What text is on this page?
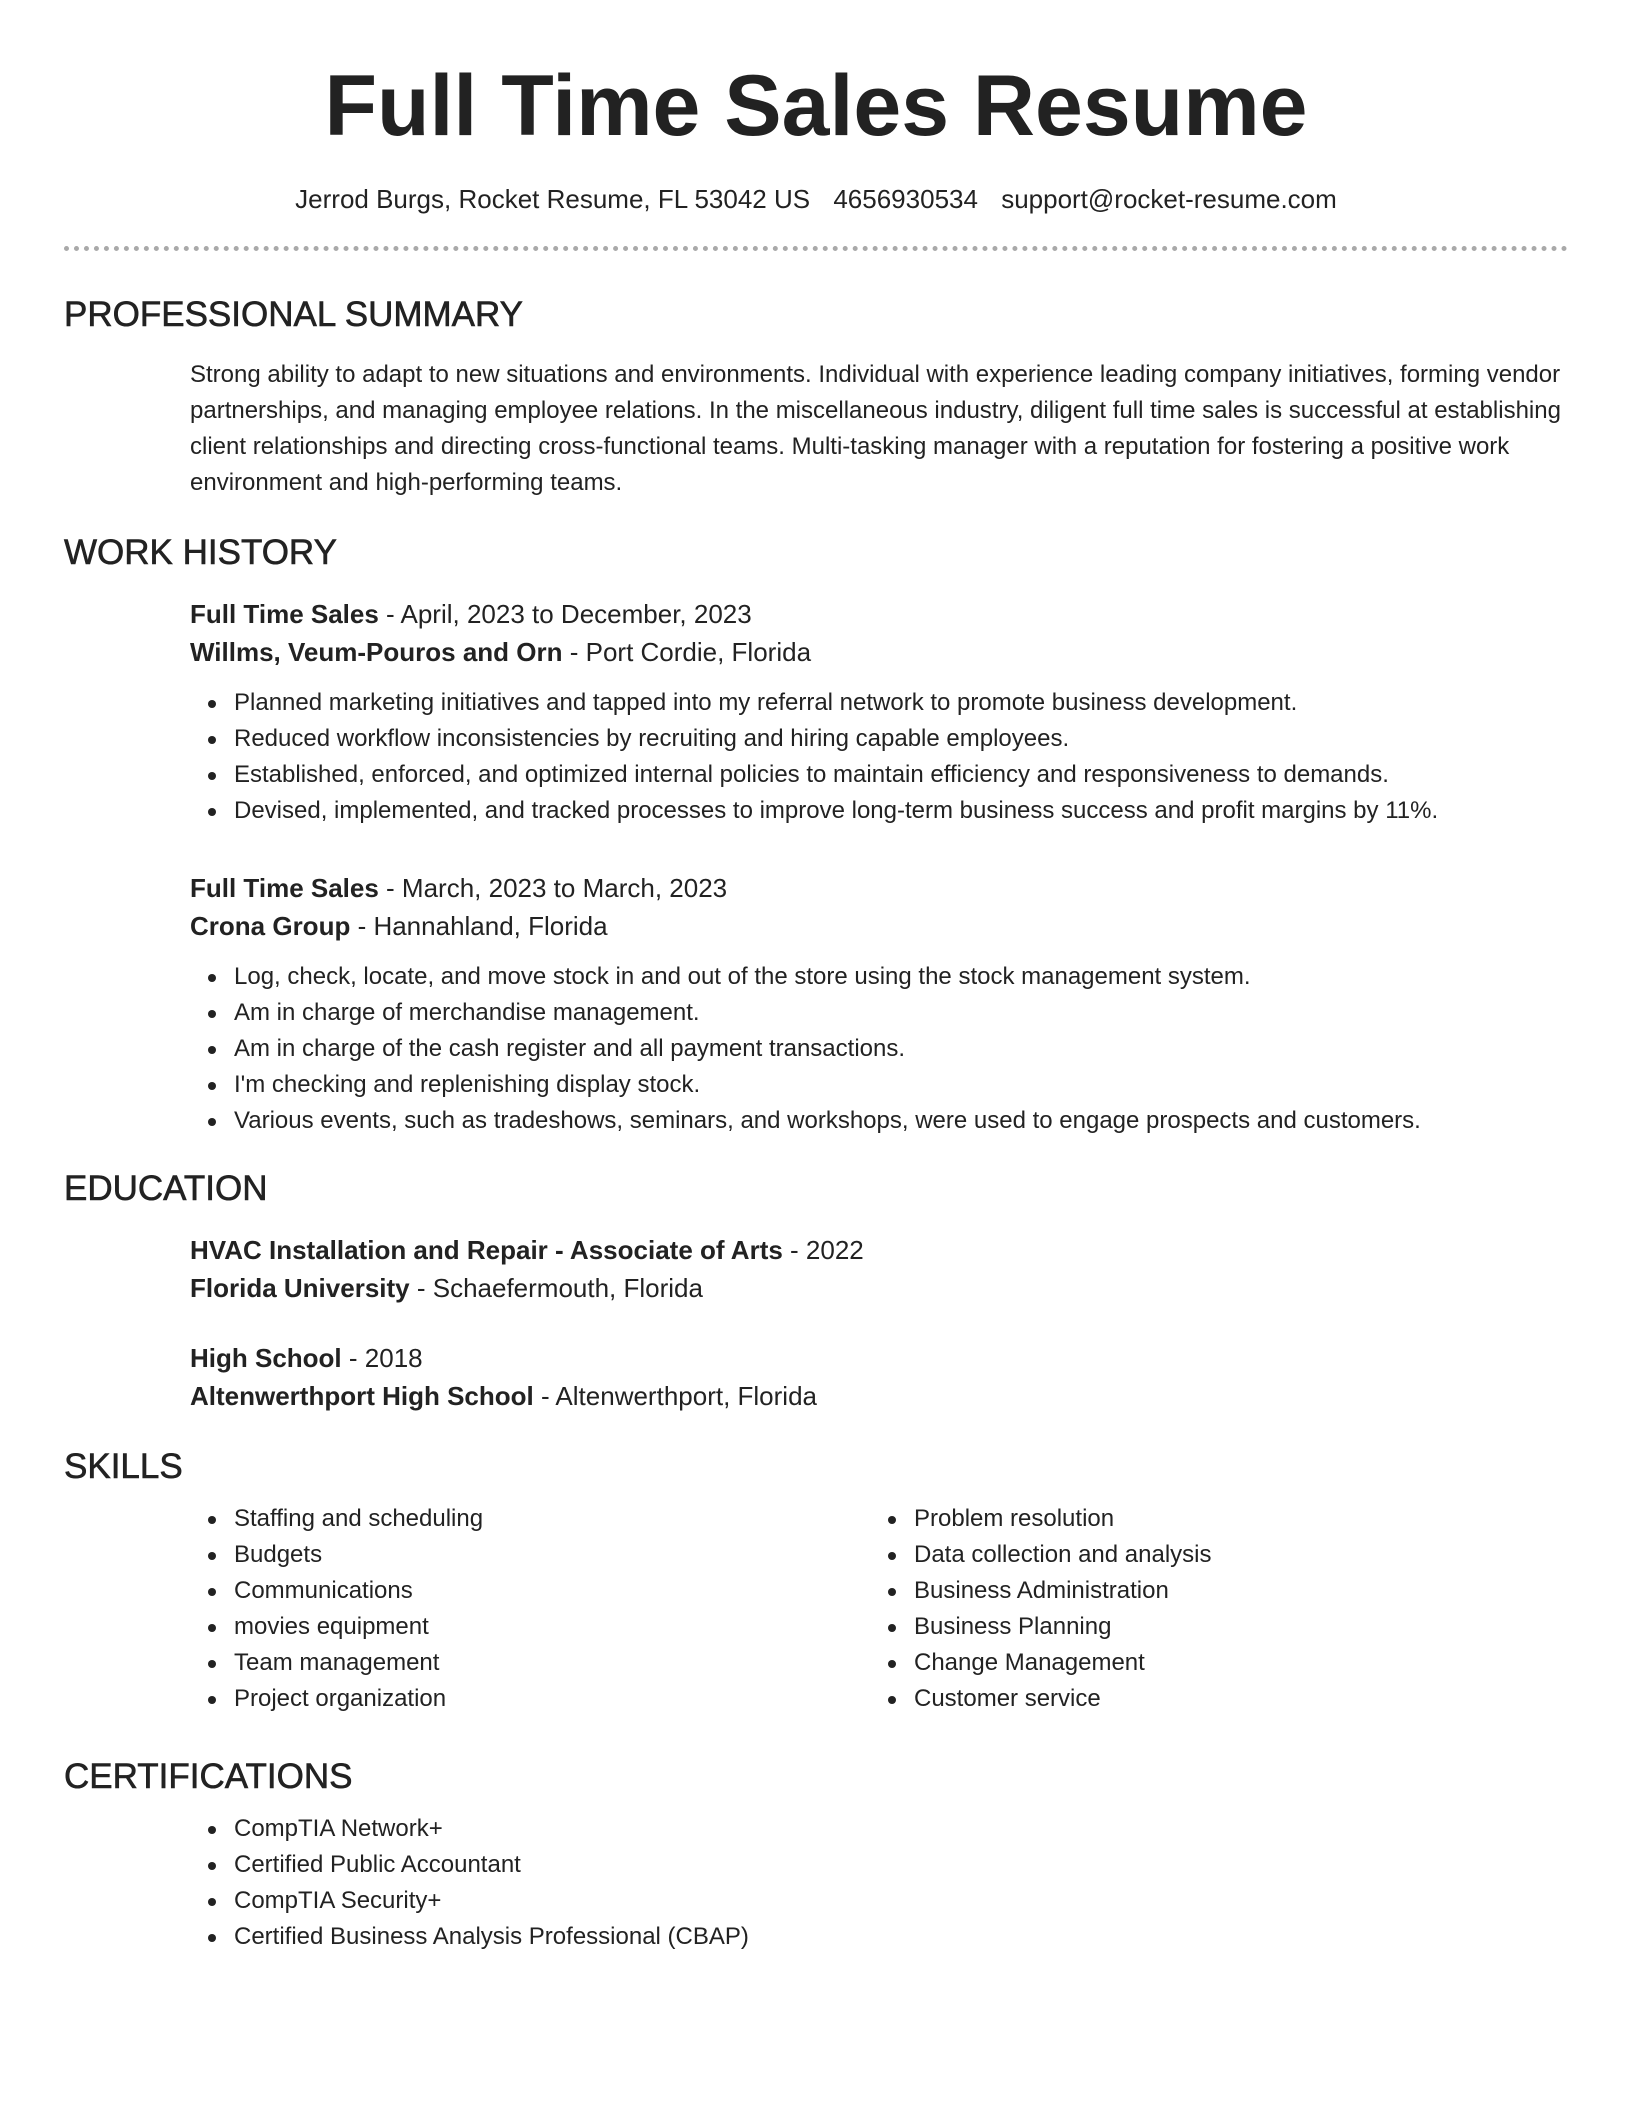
Full Time Sales Resume
Jerrod Burgs, Rocket Resume, FL 53042 US 4656930534 support@rocket-resume.com
PROFESSIONAL SUMMARY

Strong ability to adapt to new situations and environments. Individual with experience leading company initiatives, forming vendor partnerships, and managing employee relations. In the miscellaneous industry, diligent full time sales is successful at establishing client relationships and directing cross-functional teams. Multi-tasking manager with a reputation for fostering a positive work environment and high-performing teams.

WORK HISTORY
Full Time Sales - April, 2023 to December, 2023
Willms, Veum-Pouros and Orn - Port Cordie, Florida
Planned marketing initiatives and tapped into my referral network to promote business development.
Reduced workflow inconsistencies by recruiting and hiring capable employees.
Established, enforced, and optimized internal policies to maintain efficiency and responsiveness to demands.
Devised, implemented, and tracked processes to improve long-term business success and profit margins by 11%.
Full Time Sales - March, 2023 to March, 2023
Crona Group - Hannahland, Florida
Log, check, locate, and move stock in and out of the store using the stock management system.
Am in charge of merchandise management.
Am in charge of the cash register and all payment transactions.
I'm checking and replenishing display stock.
Various events, such as tradeshows, seminars, and workshops, were used to engage prospects and customers.
EDUCATION
HVAC Installation and Repair - Associate of Arts - 2022
Florida University - Schaefermouth, Florida
High School - 2018
Altenwerthport High School - Altenwerthport, Florida
SKILLS
Staffing and scheduling
Budgets
Communications
movies equipment
Team management
Project organization
Problem resolution
Data collection and analysis
Business Administration
Business Planning
Change Management
Customer service
CERTIFICATIONS
CompTIA Network+
Certified Public Accountant
CompTIA Security+
Certified Business Analysis Professional (CBAP)
